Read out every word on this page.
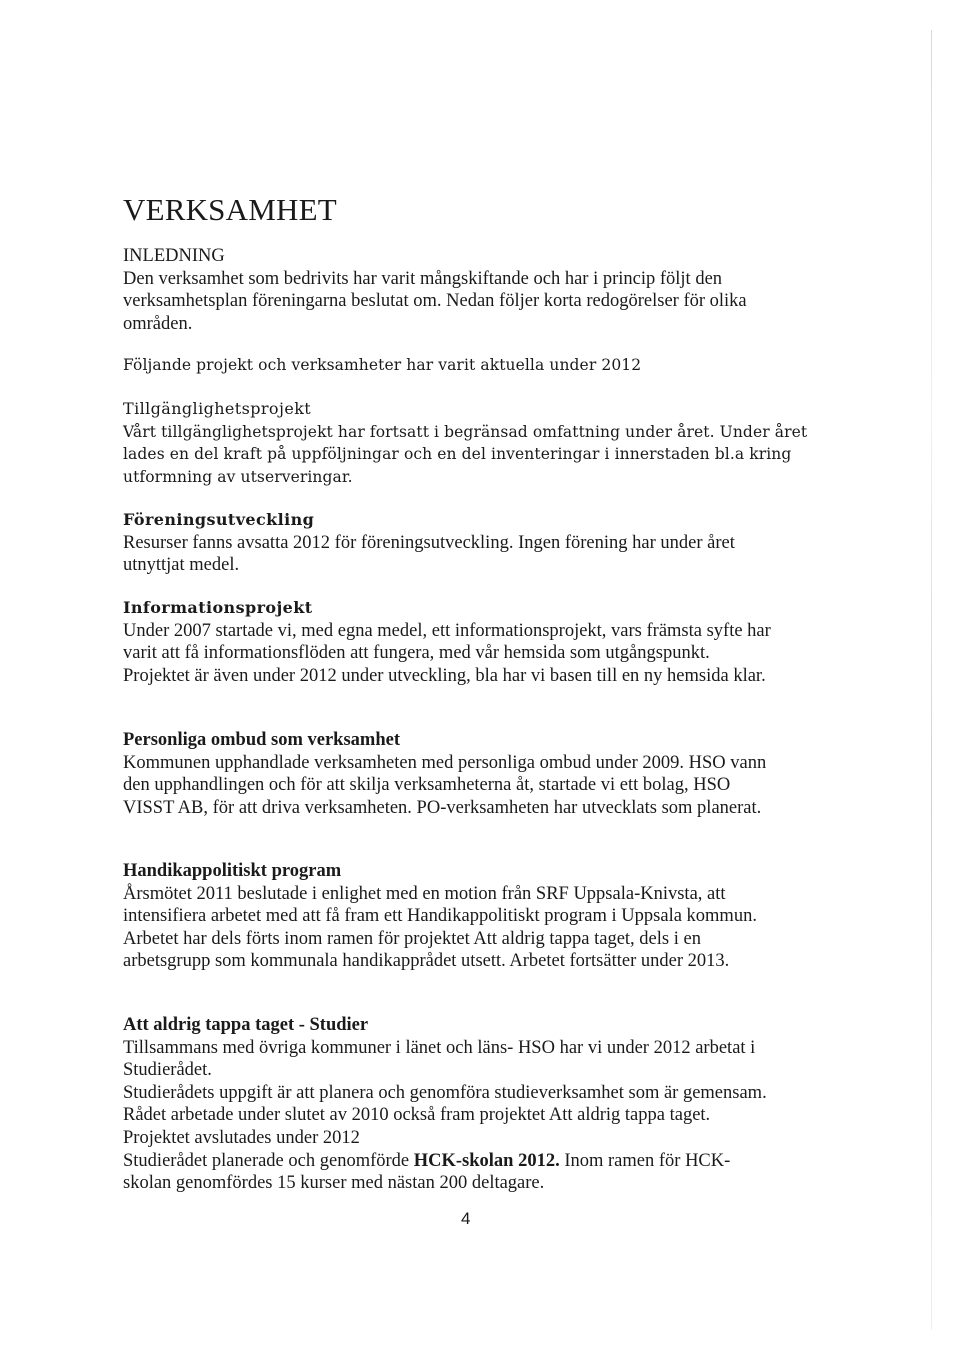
VERKSAMHET

INLEDNING

Den verksamhet som bedrivits har varit mångskiftande och har i princip följt den

verksamhetsplan föreningarna beslutat om. Nedan följer korta redogörelser för olika

områden.

Följande projekt och verksamheter har varit aktuella under 2012

Tillgänglighetsprojekt

Vårt tillgänglighetsprojekt har fortsatt i begränsad omfattning under året. Under året

lades en del kraft på uppföljningar och en del inventeringar i innerstaden bl.a kring

utformning av utserveringar.

Föreningsutveckling

Resurser fanns avsatta 2012 för föreningsutveckling. Ingen förening har under året

utnyttjat medel.

Informationsprojekt

Under 2007 startade vi, med egna medel, ett informationsprojekt, vars främsta syfte har

varit att få informationsflöden att fungera, med vår hemsida som utgångspunkt.

Projektet är även under 2012 under utveckling, bla har vi basen till en ny hemsida klar.

Personliga ombud som verksamhet

Kommunen upphandlade verksamheten med personliga ombud under 2009. HSO vann

den upphandlingen och för att skilja verksamheterna åt, startade vi ett bolag, HSO

VISST AB, för att driva verksamheten. PO-verksamheten har utvecklats som planerat.

Handikappolitiskt program

Årsmötet 2011 beslutade i enlighet med en motion från SRF Uppsala-Knivsta, att

intensifiera arbetet med att få fram ett Handikappolitiskt program i Uppsala kommun.

Arbetet har dels förts inom ramen för projektet Att aldrig tappa taget, dels i en

arbetsgrupp som kommunala handikapprådet utsett. Arbetet fortsätter under 2013.

Att aldrig tappa taget - Studier

Tillsammans med övriga kommuner i länet och läns- HSO har vi under 2012 arbetat i

Studierådet.

Studierådets uppgift är att planera och genomföra studieverksamhet som är gemensam.

Rådet arbetade under slutet av 2010 också fram projektet Att aldrig tappa taget.

Projektet avslutades under 2012

Studierådet planerade och genomförde HCK-skolan 2012. Inom ramen för HCK-

skolan genomfördes 15 kurser med nästan 200 deltagare.

4
